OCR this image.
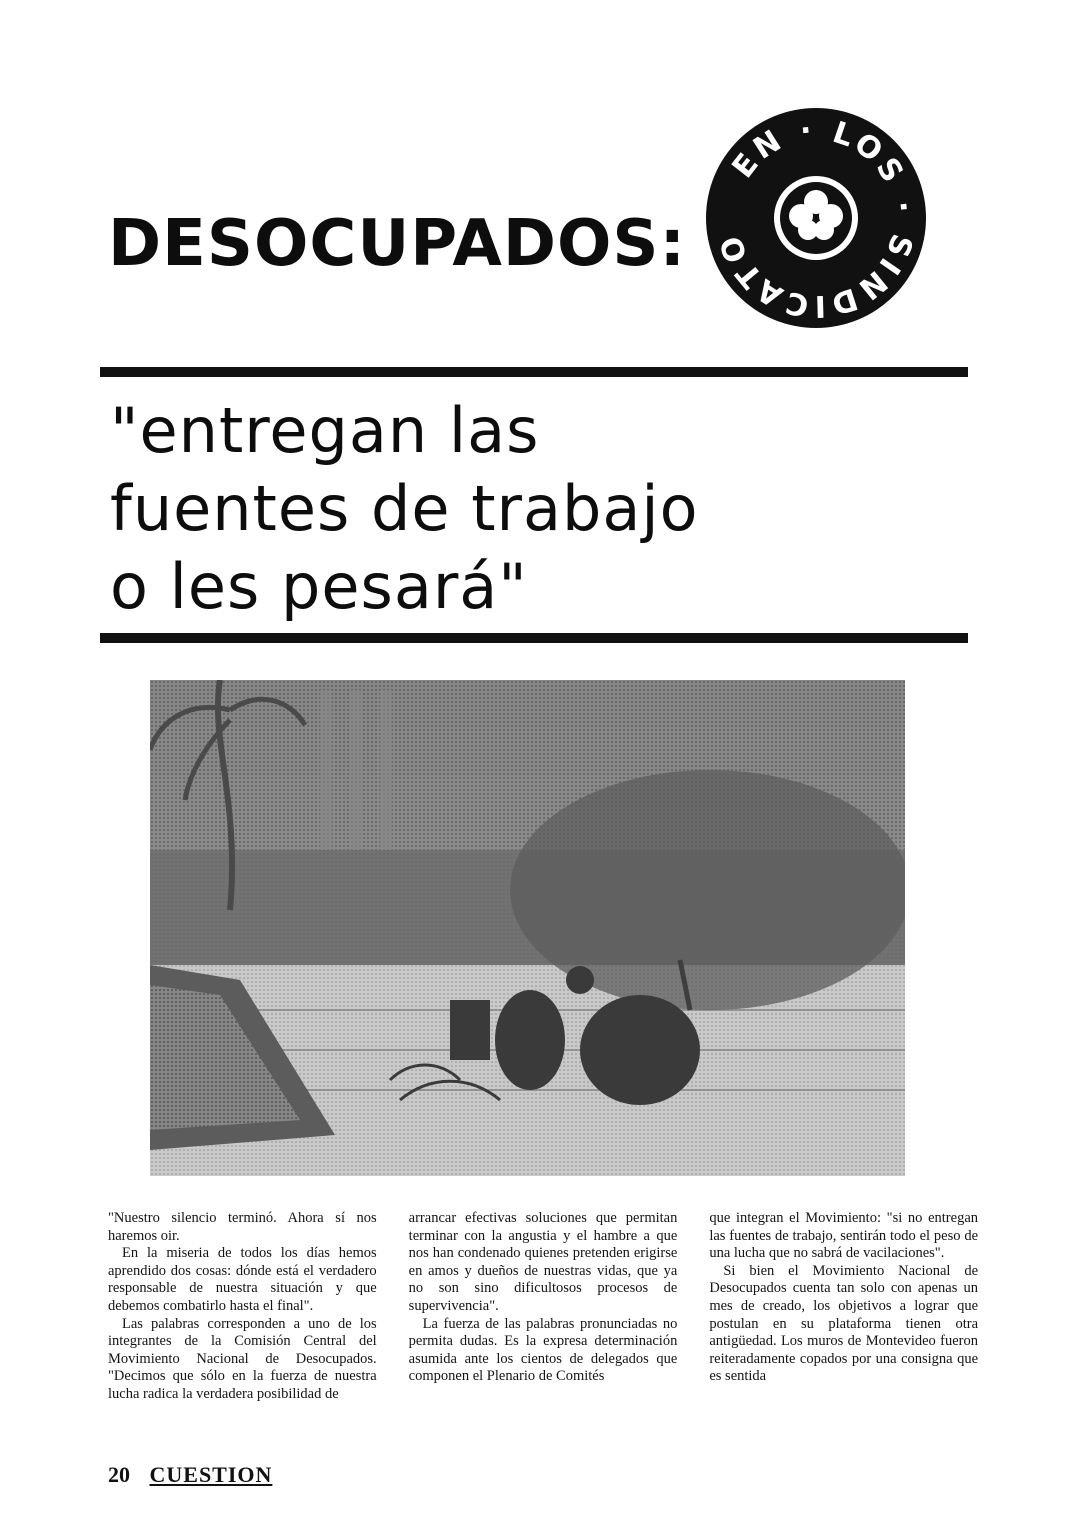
DESOCUPADOS:
EN · LOS · SINDICATO
"entregan las
fuentes de trabajo
o les pesará"

"Nuestro silencio terminó. Ahora sí nos haremos oir.

En la miseria de todos los días hemos aprendido dos cosas: dónde está el verdadero responsable de nuestra situación y que debemos combatirlo hasta el final".

Las palabras corresponden a uno de los integrantes de la Comisión Central del Movimiento Nacional de Desocupados. "Decimos que sólo en la fuerza de nuestra lucha radica la verdadera posibilidad de

arrancar efectivas soluciones que permitan terminar con la angustia y el hambre a que nos han condenado quienes pretenden erigirse en amos y dueños de nuestras vidas, que ya no son sino dificultosos procesos de supervivencia".

La fuerza de las palabras pronunciadas no permita dudas. Es la expresa determinación asumida ante los cientos de delegados que componen el Plenario de Comités

que integran el Movimiento: "si no entregan las fuentes de trabajo, sentirán todo el peso de una lucha que no sabrá de vacilaciones".

Si bien el Movimiento Nacional de Desocupados cuenta tan solo con apenas un mes de creado, los objetivos a lograr que postulan en su plataforma tienen otra antigüedad. Los muros de Montevideo fueron reiteradamente copados por una consigna que es sentida

20 CUESTION
